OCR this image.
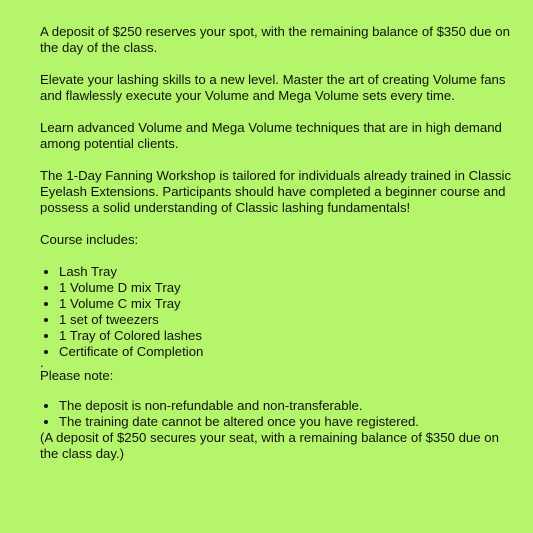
A deposit of $250 reserves your spot, with the remaining balance of $350 due on the day of the class.

Elevate your lashing skills to a new level. Master the art of creating Volume fans and flawlessly execute your Volume and Mega Volume sets every time.

Learn advanced Volume and Mega Volume techniques that are in high demand among potential clients.

The 1-Day Fanning Workshop is tailored for individuals already trained in Classic Eyelash Extensions. Participants should have completed a beginner course and possess a solid understanding of Classic lashing fundamentals!

Course includes:

• Lash Tray
• 1 Volume D mix Tray
• 1 Volume C mix Tray
• 1 set of tweezers
• 1 Tray of Colored lashes
• Certificate of Completion

.

Please note:

• The deposit is non-refundable and non-transferable.
• The training date cannot be altered once you have registered.

(A deposit of $250 secures your seat, with a remaining balance of $350 due on the class day.)
